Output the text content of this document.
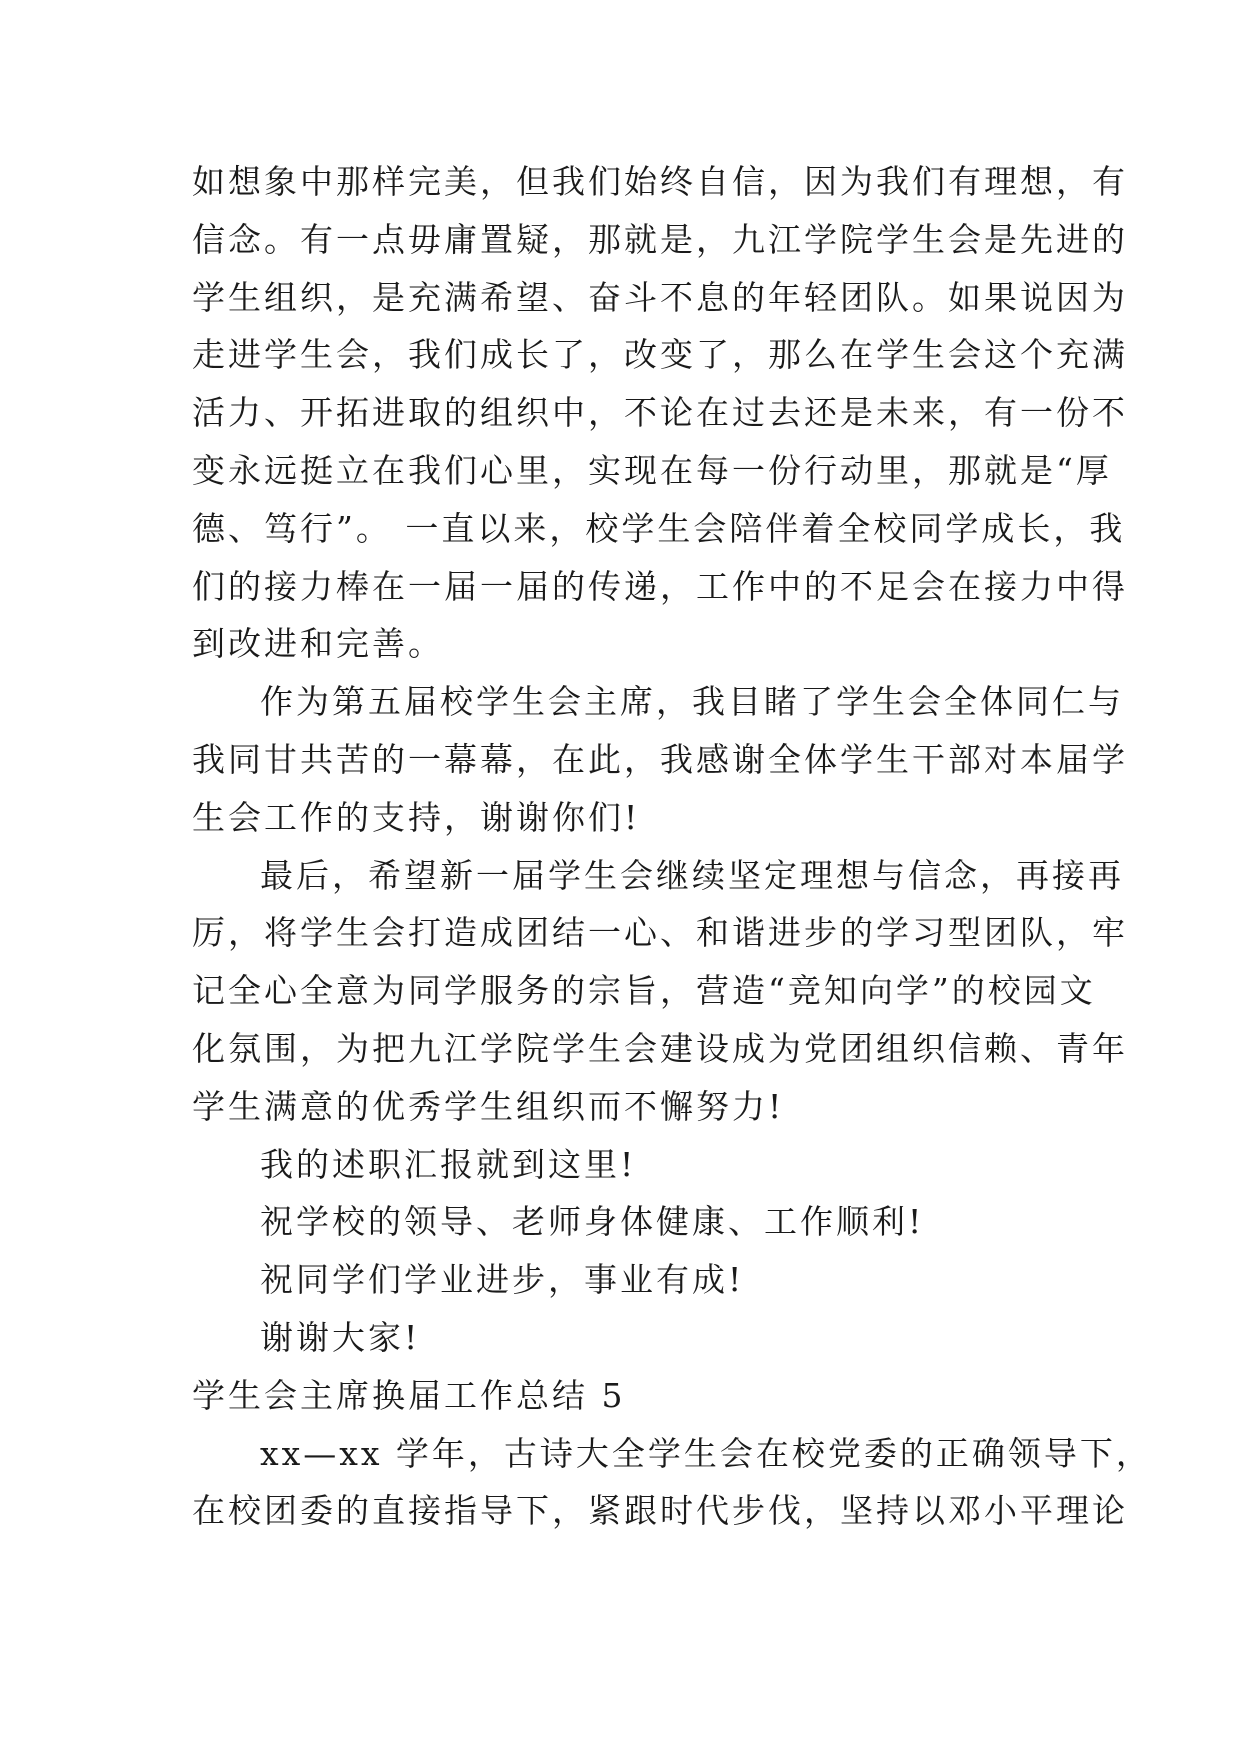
如想象中那样完美，但我们始终自信，因为我们有理想，有
信念。有一点毋庸置疑，那就是，九江学院学生会是先进的
学生组织，是充满希望、奋斗不息的年轻团队。如果说因为
走进学生会，我们成长了，改变了，那么在学生会这个充满
活力、开拓进取的组织中，不论在过去还是未来，有一份不
变永远挺立在我们心里，实现在每一份行动里，那就是“厚
德、笃行”。 一直以来，校学生会陪伴着全校同学成长，我
们的接力棒在一届一届的传递，工作中的不足会在接力中得
到改进和完善。
作为第五届校学生会主席，我目睹了学生会全体同仁与
我同甘共苦的一幕幕，在此，我感谢全体学生干部对本届学
生会工作的支持，谢谢你们!
最后，希望新一届学生会继续坚定理想与信念，再接再
厉，将学生会打造成团结一心、和谐进步的学习型团队，牢
记全心全意为同学服务的宗旨，营造“竞知向学”的校园文
化氛围，为把九江学院学生会建设成为党团组织信赖、青年
学生满意的优秀学生组织而不懈努力!
我的述职汇报就到这里!
祝学校的领导、老师身体健康、工作顺利!
祝同学们学业进步，事业有成!
谢谢大家!
学生会主席换届工作总结 5
xx—xx 学年，古诗大全学生会在校党委的正确领导下，
在校团委的直接指导下，紧跟时代步伐，坚持以邓小平理论
